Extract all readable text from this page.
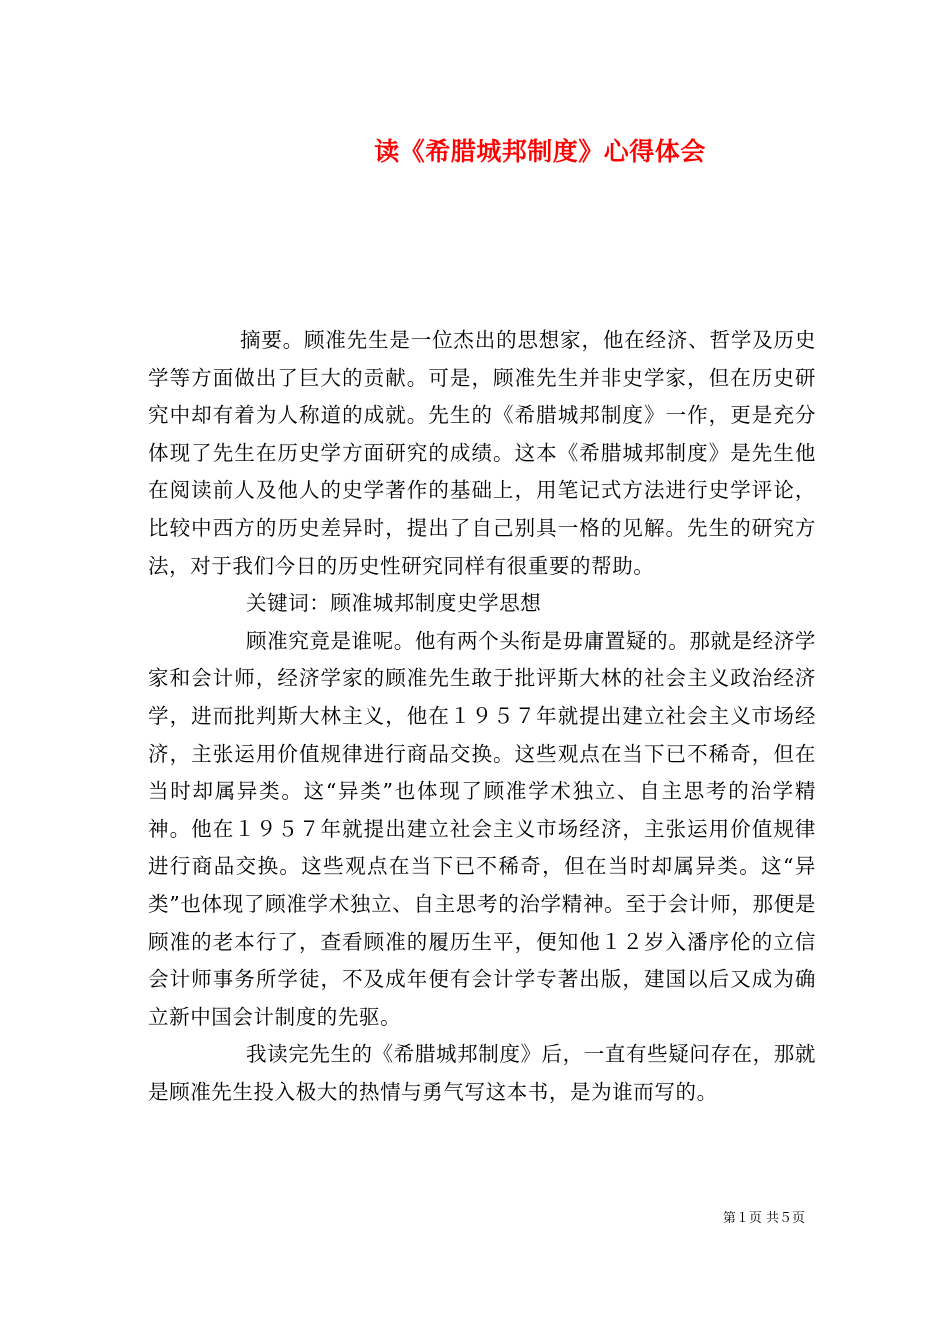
读《希腊城邦制度》心得体会

摘要。顾准先生是一位杰出的思想家，他在经济、哲学及历史学等方面做出了巨大的贡献。可是，顾准先生并非史学家，但在历史研究中却有着为人称道的成就。先生的《希腊城邦制度》一作，更是充分体现了先生在历史学方面研究的成绩。这本《希腊城邦制度》是先生他在阅读前人及他人的史学著作的基础上，用笔记式方法进行史学评论，比较中西方的历史差异时，提出了自己别具一格的见解。先生的研究方法，对于我们今日的历史性研究同样有很重要的帮助。

关键词：顾准城邦制度史学思想

顾准究竟是谁呢。他有两个头衔是毋庸置疑的。那就是经济学家和会计师，经济学家的顾准先生敢于批评斯大林的社会主义政治经济学，进而批判斯大林主义，他在１９５７年就提出建立社会主义市场经济，主张运用价值规律进行商品交换。这些观点在当下已不稀奇，但在当时却属异类。这“异类”也体现了顾准学术独立、自主思考的治学精神。他在１９５７年就提出建立社会主义市场经济，主张运用价值规律进行商品交换。这些观点在当下已不稀奇，但在当时却属异类。这“异类”也体现了顾准学术独立、自主思考的治学精神。至于会计师，那便是顾准的老本行了，查看顾准的履历生平，便知他１２岁入潘序伦的立信会计师事务所学徒，不及成年便有会计学专著出版，建国以后又成为确立新中国会计制度的先驱。

我读完先生的《希腊城邦制度》后，一直有些疑问存在，那就是顾准先生投入极大的热情与勇气写这本书，是为谁而写的。

第１页 共５页
